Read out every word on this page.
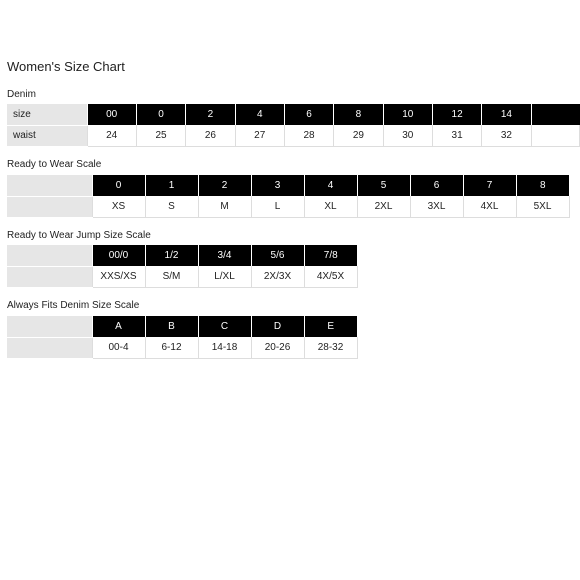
Women's Size Chart
Denim
size	00	0	2	4	6	8	10	12	14	
waist	24	25	26	27	28	29	30	31	32	
Ready to Wear Scale
	0	1	2	3	4	5	6	7	8
	XS	S	M	L	XL	2XL	3XL	4XL	5XL
Ready to Wear Jump Size Scale
	00/0	1/2	3/4	5/6	7/8
	XXS/XS	S/M	L/XL	2X/3X	4X/5X
Always Fits Denim Size Scale
	A	B	C	D	E
	00-4	6-12	14-18	20-26	28-32
